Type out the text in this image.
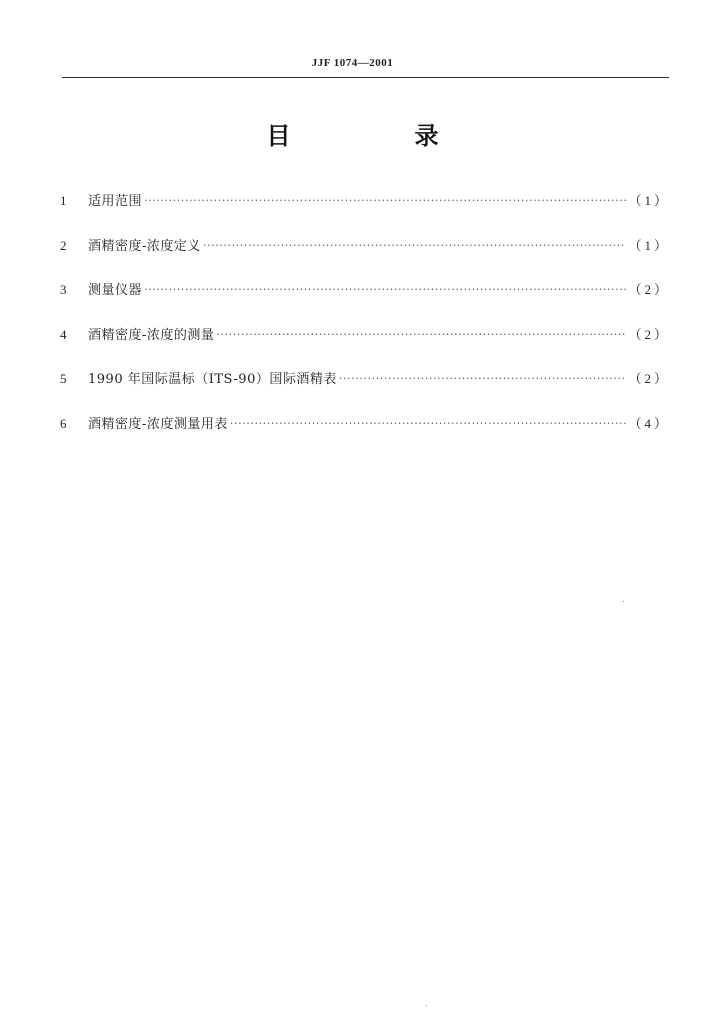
JJF 1074—2001
目　录
1	适用范围 ·····	（1）
2	酒精密度-浓度定义 ·····	（1）
3	测量仪器 ·····	（2）
4	酒精密度-浓度的测量 ·····	（2）
5	1990 年国际温标（ITS-90）国际酒精表 ·····	（2）
6	酒精密度-浓度测量用表 ·····	（4）
